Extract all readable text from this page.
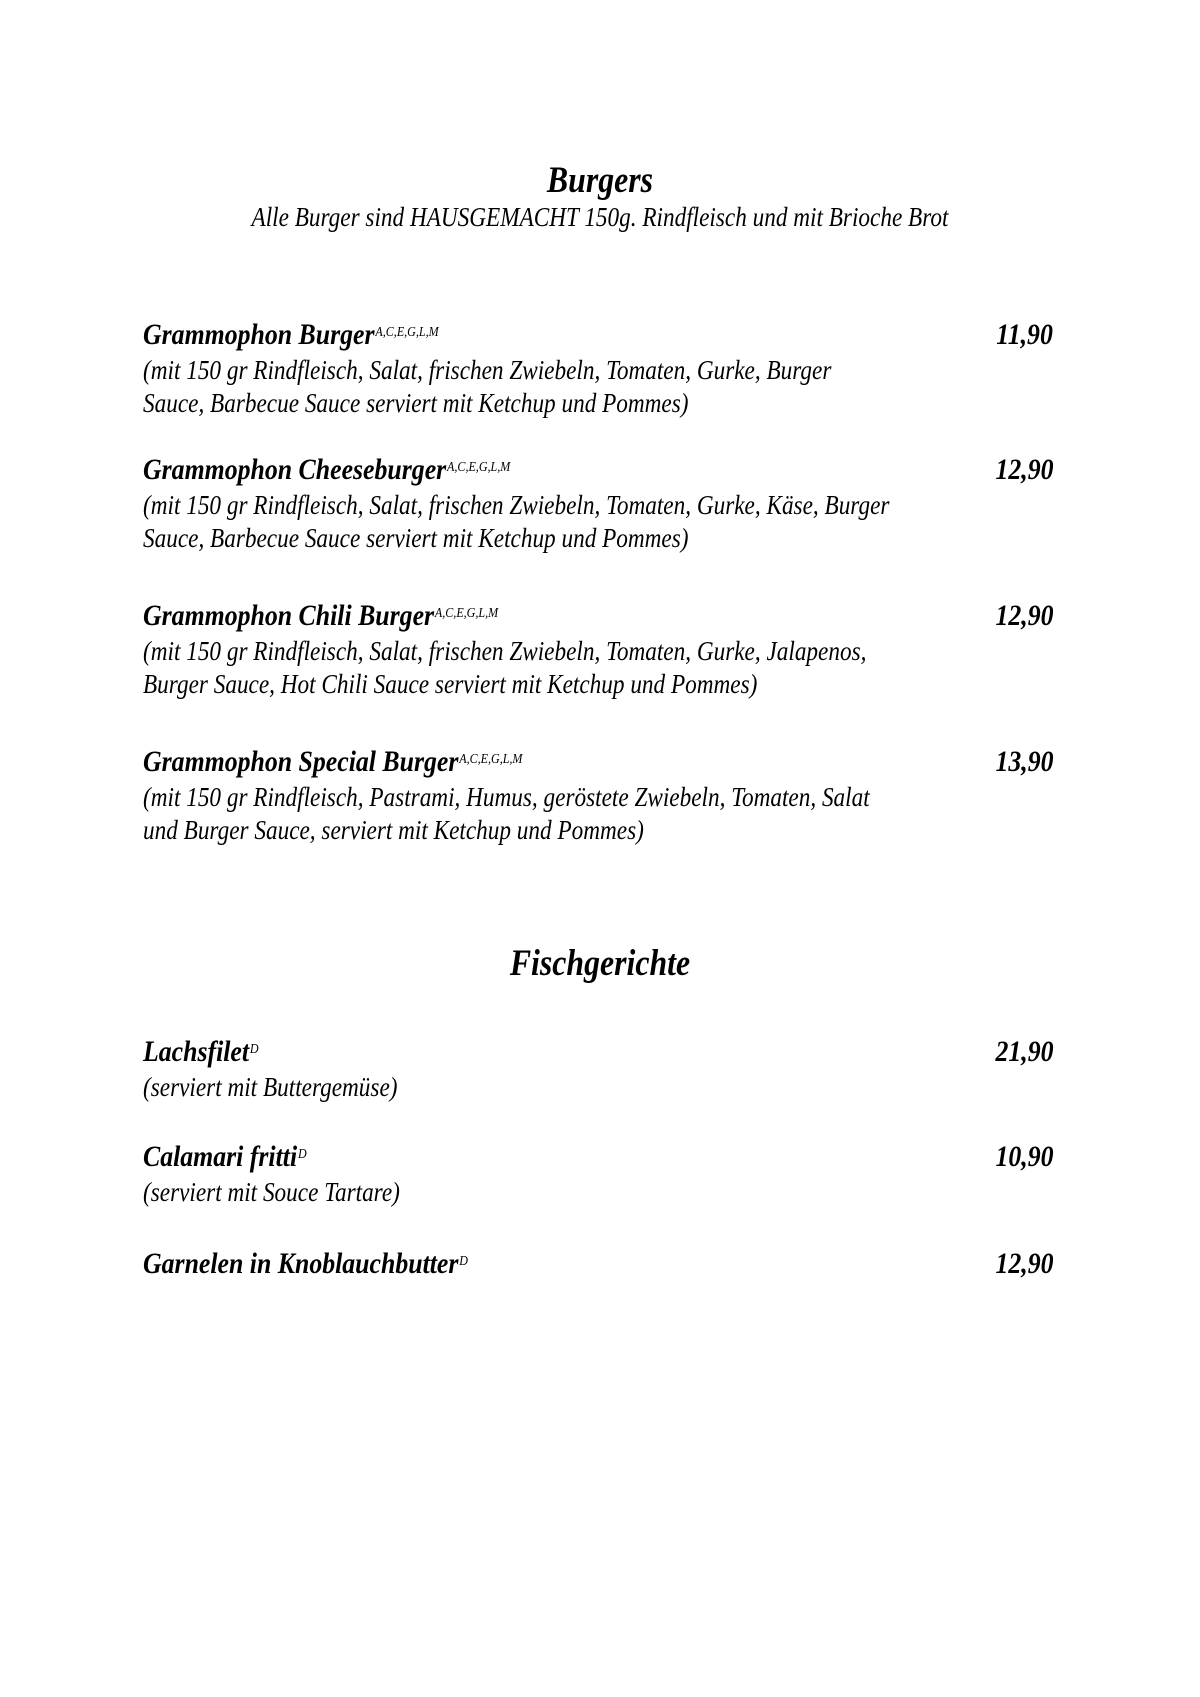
Burgers
Alle Burger sind HAUSGEMACHT 150g. Rindfleisch und mit Brioche Brot
Grammophon Burger$^{A,C,E,G,L,M}$	11,90
(mit 150 gr Rindfleisch, Salat, frischen Zwiebeln, Tomaten, Gurke, Burger
Sauce, Barbecue Sauce serviert mit Ketchup und Pommes)
Grammophon Cheeseburger$^{A,C,E,G,L,M}$	12,90
(mit 150 gr Rindfleisch, Salat, frischen Zwiebeln, Tomaten, Gurke, Käse, Burger
Sauce, Barbecue Sauce serviert mit Ketchup und Pommes)
Grammophon Chili Burger$^{A,C,E,G,L,M}$	12,90
(mit 150 gr Rindfleisch, Salat, frischen Zwiebeln, Tomaten, Gurke, Jalapenos,
Burger Sauce, Hot Chili Sauce serviert mit Ketchup und Pommes)
Grammophon Special Burger$^{A,C,E,G,L,M}$	13,90
(mit 150 gr Rindfleisch, Pastrami, Humus, geröstete Zwiebeln, Tomaten, Salat
und Burger Sauce, serviert mit Ketchup und Pommes)
Fischgerichte
Lachsfilet$^D$	21,90
(serviert mit Buttergemüse)
Calamari fritti$^D$	10,90
(serviert mit Souce Tartare)
Garnelen in Knoblauchbutter$^D$	12,90
